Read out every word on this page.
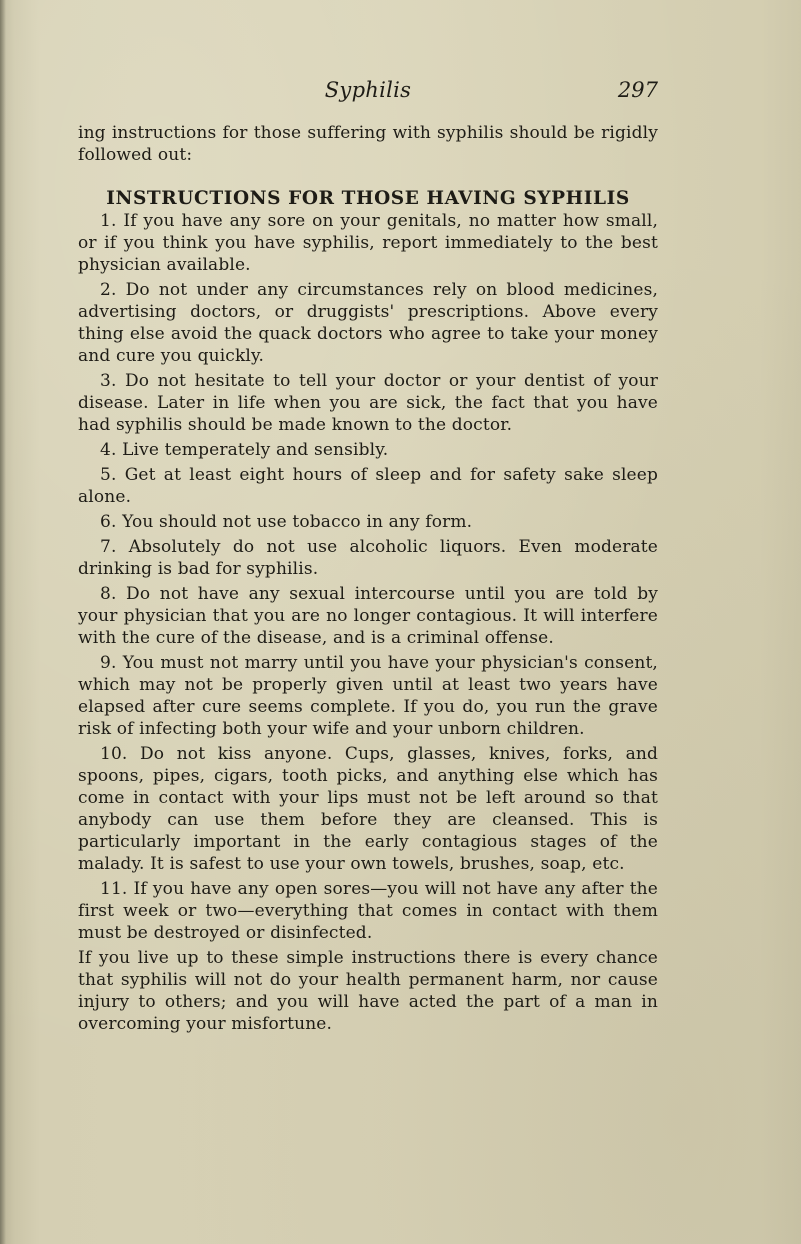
Syphilis	297

ing instructions for those suffering with syphilis should be rigidly followed out:

INSTRUCTIONS FOR THOSE HAVING SYPHILIS

1. If you have any sore on your genitals, no matter how small, or if you think you have syphilis, report immediately to the best physician available.

2. Do not under any circumstances rely on blood medicines, advertising doctors, or druggists' prescriptions. Above every thing else avoid the quack doctors who agree to take your money and cure you quickly.

3. Do not hesitate to tell your doctor or your dentist of your disease. Later in life when you are sick, the fact that you have had syphilis should be made known to the doctor.

4. Live temperately and sensibly.

5. Get at least eight hours of sleep and for safety sake sleep alone.

6. You should not use tobacco in any form.

7. Absolutely do not use alcoholic liquors. Even moderate drinking is bad for syphilis.

8. Do not have any sexual intercourse until you are told by your physician that you are no longer contagious. It will interfere with the cure of the disease, and is a criminal offense.

9. You must not marry until you have your physician's consent, which may not be properly given until at least two years have elapsed after cure seems complete. If you do, you run the grave risk of infecting both your wife and your unborn children.

10. Do not kiss anyone. Cups, glasses, knives, forks, and spoons, pipes, cigars, tooth picks, and anything else which has come in contact with your lips must not be left around so that anybody can use them before they are cleansed. This is particularly important in the early contagious stages of the malady. It is safest to use your own towels, brushes, soap, etc.

11. If you have any open sores—you will not have any after the first week or two—everything that comes in contact with them must be destroyed or disinfected.

If you live up to these simple instructions there is every chance that syphilis will not do your health permanent harm, nor cause injury to others; and you will have acted the part of a man in overcoming your misfortune.
